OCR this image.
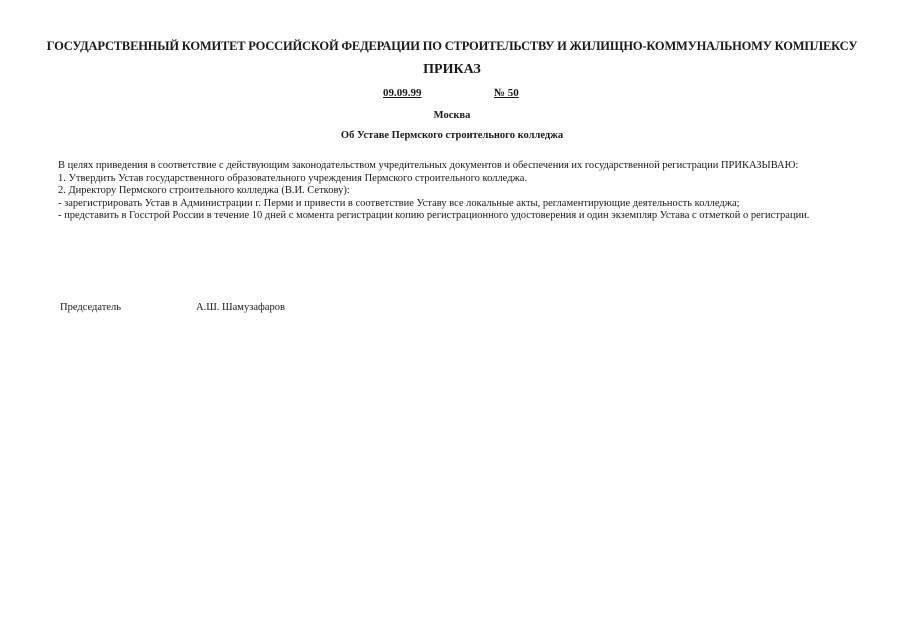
ГОСУДАРСТВЕННЫЙ КОМИТЕТ РОССИЙСКОЙ ФЕДЕРАЦИИ ПО СТРОИТЕЛЬСТВУ И ЖИЛИЩНО-КОММУНАЛЬНОМУ КОМПЛЕКСУ
ПРИКАЗ
09.09.99	№ 50
Москва
Об Уставе Пермского строительного колледжа

В целях приведения в соответствие с действующим законодательством учредительных документов и обеспечения их государственной регистрации ПРИКАЗЫВАЮ:

1. Утвердить Устав государственного образовательного учреждения Пермского строительного колледжа.

2. Директору Пермского строительного колледжа (В.И. Сеткову):

- зарегистрировать Устав в Администрации г. Перми и привести в соответствие Уставу все локальные акты, регламентирующие деятельность колледжа;

- представить в Госстрой России в течение 10 дней с момента регистрации копию регистрационного удостоверения и один экземпляр Устава с отметкой о регистрации.

Председатель	А.Ш. Шамузафаров
